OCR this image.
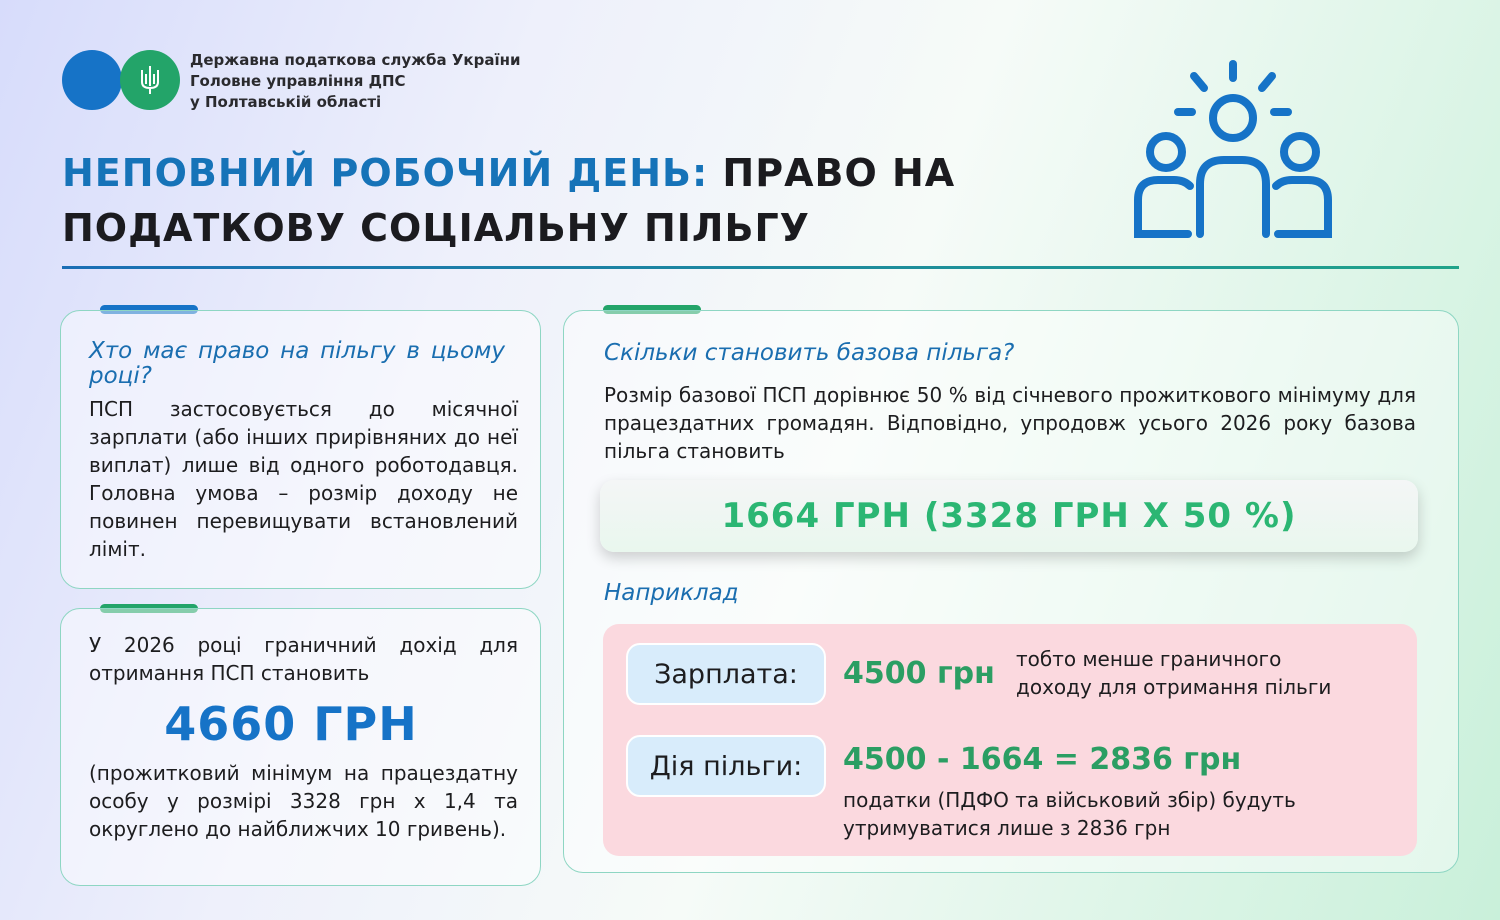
Державна податкова служба України
Головне управління ДПС
у Полтавській області
НЕПОВНИЙ РОБОЧИЙ ДЕНЬ: ПРАВО НА
ПОДАТКОВУ СОЦІАЛЬНУ ПІЛЬГУ
Хто має право на пільгу в цьому році?
ПСП застосовується до місячної зарплати (або інших прирівняних до неї виплат) лише від одного роботодавця. Головна умова – розмір доходу не повинен перевищувати встановлений ліміт.
У 2026 році граничний дохід для отримання ПСП становить
4660 ГРН
(прожитковий мінімум на працездатну особу у розмірі 3328 грн х 1,4 та округлено до найближчих 10 гривень).
Скільки становить базова пільга?
Розмір базової ПСП дорівнює 50 % від січневого прожиткового мінімуму для працездатних громадян. Відповідно, упродовж усього 2026 року базова пільга становить
Наприклад
1664 ГРН (3328 ГРН Х 50 %)
Зарплата:	4500 грн тобто менше граничного
доходу для отримання пільги
Дія пільги:	4500 - 1664 = 2836 грн
податки (ПДФО та військовий збір) будуть
утримуватися лише з 2836 грн
